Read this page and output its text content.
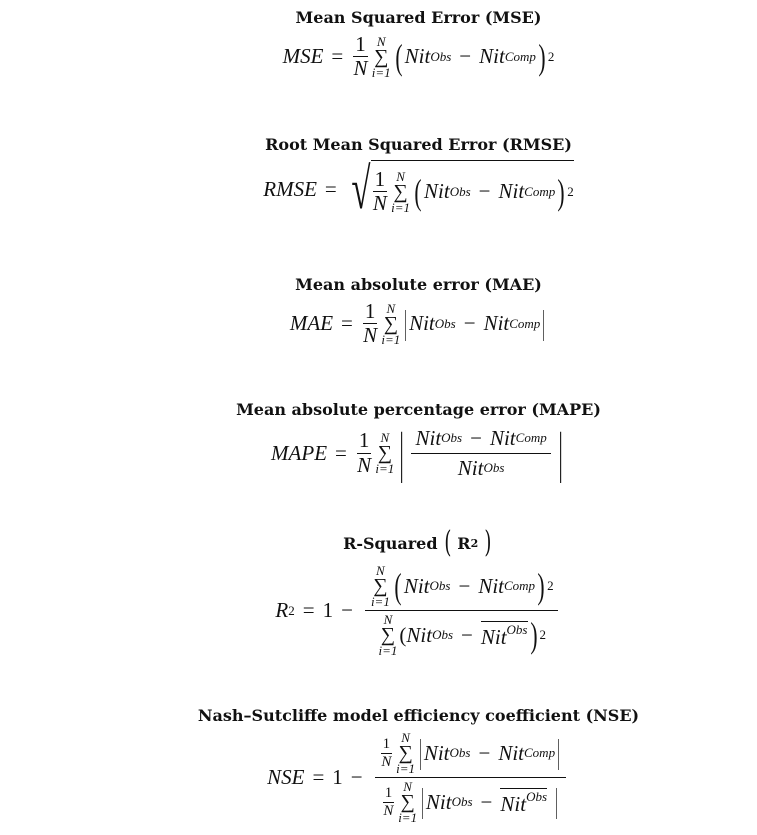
Mean Squared Error (MSE)
MSE = $\frac{1}{N}$ N
∑
i=1 ( Nit Obs − Nit Comp ) 2
Root Mean Squared Error (RMSE)
RMSE = √ $\frac{1}{N}$ N
∑
i=1 ( Nit Obs − Nit Comp ) 2
Mean absolute error (MAE)
MAE = $\frac{1}{N}$ N
∑
i=1 | Nit Obs − Nit Comp |
Mean absolute percentage error (MAPE)
MAPE = $\frac{1}{N}$ N
∑
i=1 | Nit Obs − Nit Comp
Nit Obs |
R-Squared ( R 2 )
R 2 = 1 −
N
∑
i=1 ( Nit Obs − Nit Comp ) 2
N
∑
i=1
( Nit Obs − Nit$^{Obs}$ ) 2
Nash–Sutcliffe model efficiency coefficient (NSE)
NSE = 1 −
$\frac{1}{N}$ N
∑
i=1 | Nit Obs − Nit Comp |
$\frac{1}{N}$ N
∑
i=1 | Nit Obs − Nit$^{Obs}$ |
